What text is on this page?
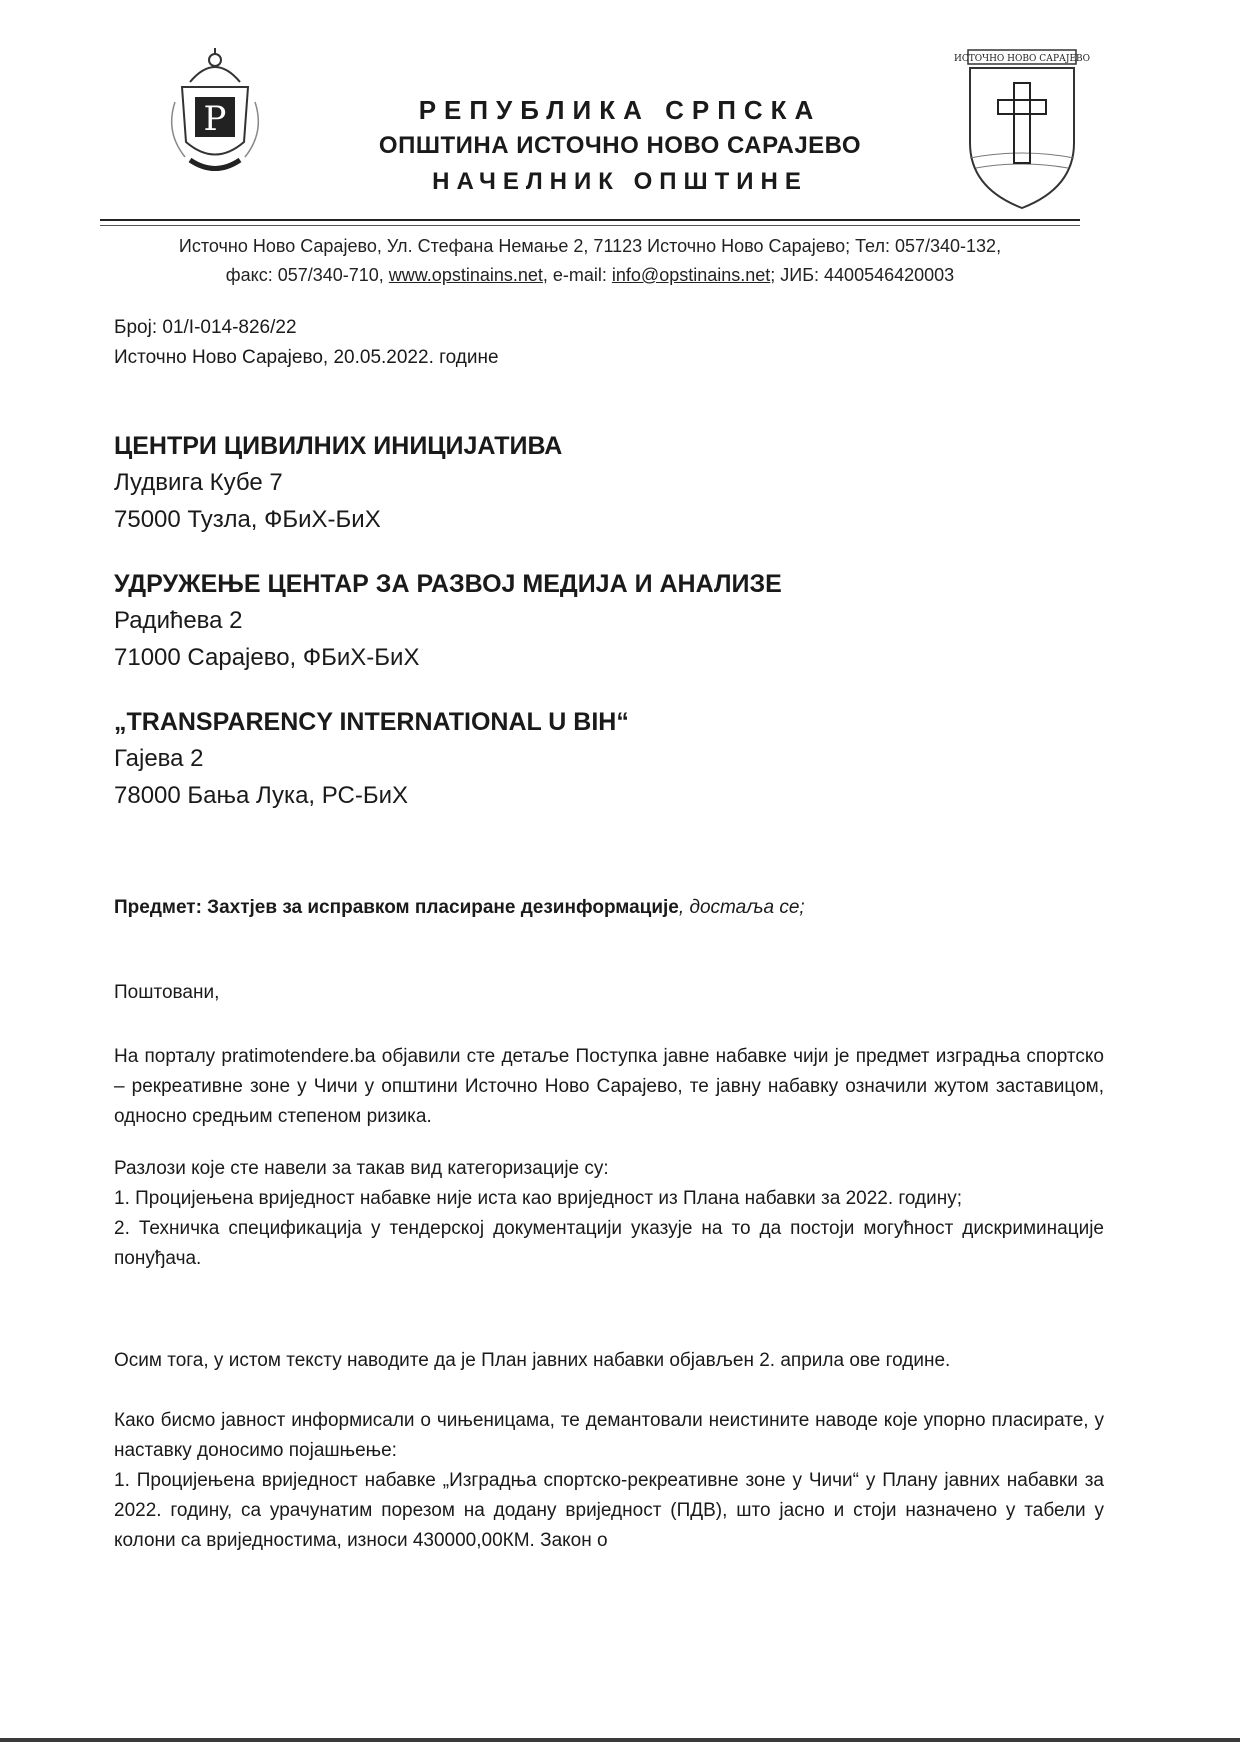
Р
ИСТОЧНО НОВО САРАЈЕВО
РЕПУБЛИКА СРПСКА
ОПШТИНА ИСТОЧНО НОВО САРАЈЕВО
НАЧЕЛНИК ОПШТИНЕ
Источно Ново Сарајево, Ул. Стефана Немање 2, 71123 Источно Ново Сарајево; Тел: 057/340-132,
факс: 057/340-710, www.opstinains.net, e-mail: info@opstinains.net; ЈИБ: 4400546420003
Број: 01/I-014-826/22
Источно Ново Сарајево, 20.05.2022. године
ЦЕНТРИ ЦИВИЛНИХ ИНИЦИЈАТИВА
Лудвига Кубе 7
75000 Тузла, ФБиХ-БиХ
УДРУЖЕЊЕ ЦЕНТАР ЗА РАЗВОЈ МЕДИЈА И АНАЛИЗЕ
Радићева 2
71000 Сарајево, ФБиХ-БиХ
„TRANSPARENCY INTERNATIONAL U BIH“
Гајева 2
78000 Бања Лука, РС-БиХ
Предмет: Захтјев за исправком пласиране дезинформације, достаља се;
Поштовани,

На порталу pratimotendere.ba објавили сте детаље Поступка јавне набавке чији је предмет изградња спортско – рекреативне зоне у Чичи у општини Источно Ново Сарајево, те јавну набавку означили жутом заставицом, односно средњим степеном ризика.

Разлози које сте навели за такав вид категоризације су:

1. Процијењена вриједност набавке није иста као вриједност из Плана набавки за 2022. годину;

2. Техничка спецификација у тендерској документацији указује на то да постоји могућност дискриминације понуђача.

Осим тога, у истом тексту наводите да је План јавних набавки објављен 2. априла ове године.

Како бисмо јавност информисали о чињеницама, те демантовали неистините наводе које упорно пласирате, у наставку доносимо појашњење:

1. Процијењена вриједност набавке „Изградња спортско-рекреативне зоне у Чичи“ у Плану јавних набавки за 2022. годину, са урачунатим порезом на додану вриједност (ПДВ), што јасно и стоји назначено у табели у колони са вриједностима, износи 430000,00КМ. Закон о
